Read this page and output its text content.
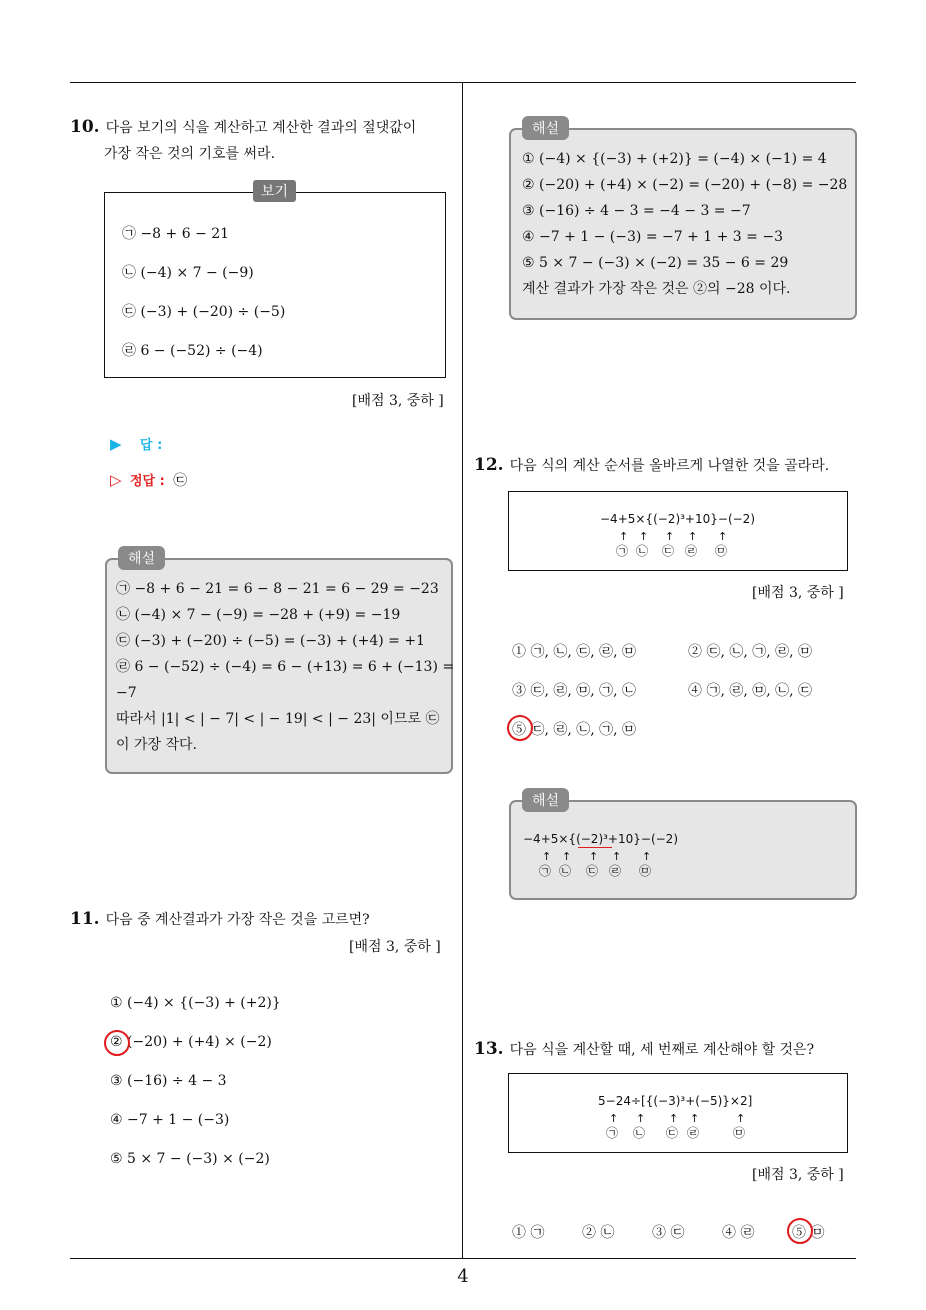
10. 다음 보기의 식을 계산하고 계산한 결과의 절댓값이
가장 작은 것의 기호를 써라.
보기
㉠ −8 + 6 − 21
㉡ (−4) × 7 − (−9)
㉢ (−3) + (−20) ÷ (−5)
㉣ 6 − (−52) ÷ (−4)
[배점 3, 중하 ]
▶ 답 :
▷ 정답 : ㉢
해설
㉠ −8 + 6 − 21 = 6 − 8 − 21 = 6 − 29 = −23
㉡ (−4) × 7 − (−9) = −28 + (+9) = −19
㉢ (−3) + (−20) ÷ (−5) = (−3) + (+4) = +1
㉣ 6 − (−52) ÷ (−4) = 6 − (+13) = 6 + (−13) =
−7
따라서 |1| < | − 7| < | − 19| < | − 23| 이므로 ㉢
이 가장 작다.
11. 다음 중 계산결과가 가장 작은 것을 고르면?
[배점 3, 중하 ]
① (−4) × {(−3) + (+2)}
② (−20) + (+4) × (−2)
③ (−16) ÷ 4 − 3
④ −7 + 1 − (−3)
⑤ 5 × 7 − (−3) × (−2)
해설
① (−4) × {(−3) + (+2)} = (−4) × (−1) = 4
② (−20) + (+4) × (−2) = (−20) + (−8) = −28
③ (−16) ÷ 4 − 3 = −4 − 3 = −7
④ −7 + 1 − (−3) = −7 + 1 + 3 = −3
⑤ 5 × 7 − (−3) × (−2) = 35 − 6 = 29
계산 결과가 가장 작은 것은 ②의 −28 이다.
12. 다음 식의 계산 순서를 올바르게 나열한 것을 골라라.
−4+5×{(−2)³+10}−(−2)
↑ ↑ ↑ ↑ ↑
㉠ ㉡ ㉢ ㉣ ㉤
[배점 3, 중하 ]
① ㉠, ㉡, ㉢, ㉣, ㉤	② ㉢, ㉡, ㉠, ㉣, ㉤
③ ㉢, ㉣, ㉤, ㉠, ㉡	④ ㉠, ㉣, ㉤, ㉡, ㉢
⑤ ㉢, ㉣, ㉡, ㉠, ㉤
해설
−4+5×{(−2)³+10}−(−2)
↑ ↑ ↑ ↑ ↑
㉠ ㉡ ㉢ ㉣ ㉤
13. 다음 식을 계산할 때, 세 번째로 계산해야 할 것은?
5−24÷[{(−3)³+(−5)}×2]
↑ ↑ ↑ ↑	↑
㉠ ㉡ ㉢ ㉣	㉤
[배점 3, 중하 ]
① ㉠	② ㉡	③ ㉢	④ ㉣	⑤ ㉤
4
